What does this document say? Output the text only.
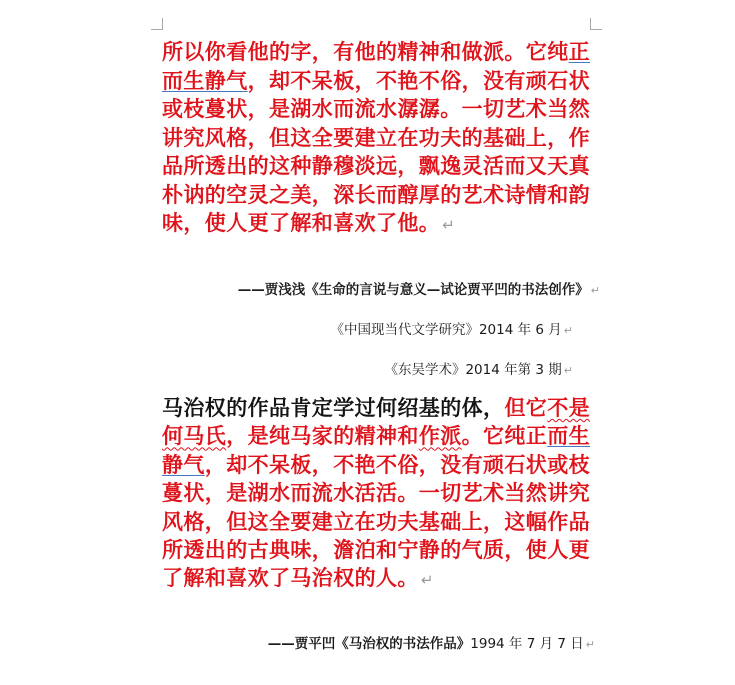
所以你看他的字，有他的精神和做派。它纯正而生静气，却不呆板，不艳不俗，没有顽石状或枝蔓状，是湖水而流水潺潺。一切艺术当然讲究风格，但这全要建立在功夫的基础上，作品所透出的这种静穆淡远，飘逸灵活而又天真朴讷的空灵之美，深长而醇厚的艺术诗情和韵味，使人更了解和喜欢了他。 ↵

——贾浅浅《生命的言说与意义—试论贾平凹的书法创作》 ↵
《中国现当代文学研究》2014 年 6 月 ↵
《东吴学术》2014 年第 3 期 ↵

马治权的作品肯定学过何绍基的体，但它不是何马氏，是纯马家的精神和作派。它纯正而生静气，却不呆板，不艳不俗，没有顽石状或枝蔓状，是湖水而流水活活。一切艺术当然讲究风格，但这全要建立在功夫基础上，这幅作品所透出的古典味，澹泊和宁静的气质，使人更了解和喜欢了马治权的人。 ↵

——贾平凹《马治权的书法作品》1994 年 7 月 7 日 ↵
